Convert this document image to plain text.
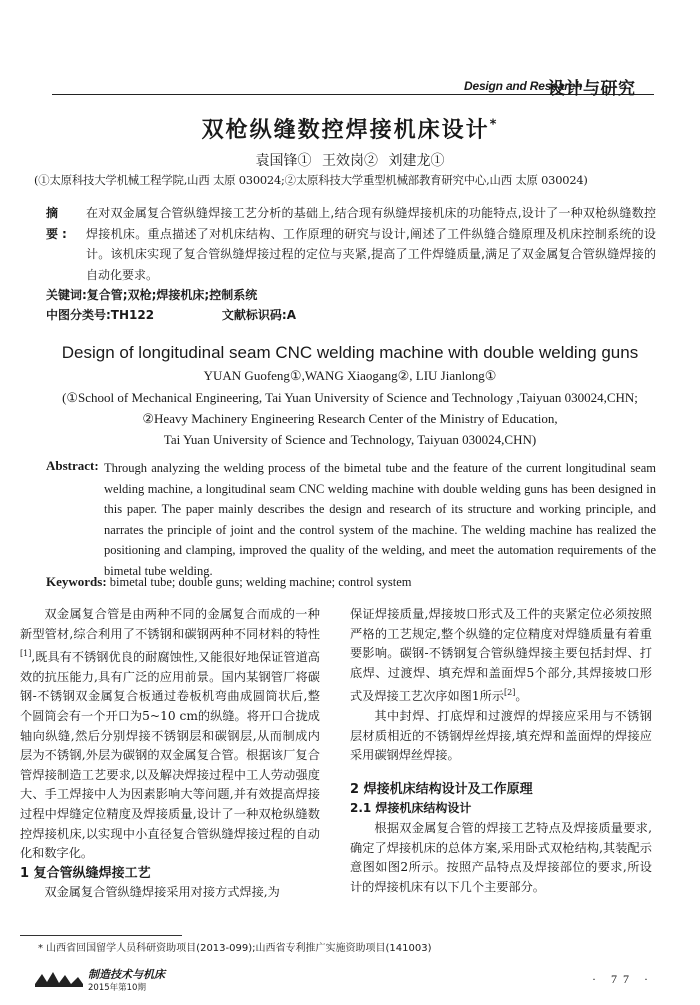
Design and Research
设计与研究
双枪纵缝数控焊接机床设计*
袁国锋① 王效岗② 刘建龙①
(①太原科技大学机械工程学院,山西 太原 030024;②太原科技大学重型机械部教育研究中心,山西 太原 030024)
摘 要:
在对双金属复合管纵缝焊接工艺分析的基础上,结合现有纵缝焊接机床的功能特点,设计了一种双枪纵缝数控焊接机床。重点描述了对机床结构、工作原理的研究与设计,阐述了工件纵缝合缝原理及机床控制系统的设计。该机床实现了复合管纵缝焊接过程的定位与夹紧,提高了工件焊缝质量,满足了双金属复合管纵缝焊接的自动化要求。
关键词:复合管;双枪;焊接机床;控制系统
中图分类号:TH122	文献标识码:A
Design of longitudinal seam CNC welding machine with double welding guns
YUAN Guofeng①,WANG Xiaogang②, LIU Jianlong①
(①School of Mechanical Engineering, Tai Yuan University of Science and Technology ,Taiyuan 030024,CHN;
②Heavy Machinery Engineering Research Center of the Ministry of Education,
Tai Yuan University of Science and Technology, Taiyuan 030024,CHN)
Abstract: Through analyzing the welding process of the bimetal tube and the feature of the current longitudinal seam welding machine, a longitudinal seam CNC welding machine with double welding guns has been designed in this paper. The paper mainly describes the design and research of its structure and working principle, and narrates the principle of joint and the control system of the machine. The welding machine has realized the positioning and clamping, improved the quality of the welding, and meet the automation requirements of the bimetal tube welding.
Keywords: bimetal tube; double guns; welding machine; control system

双金属复合管是由两种不同的金属复合而成的一种新型管材,综合利用了不锈钢和碳钢两种不同材料的特性[1],既具有不锈钢优良的耐腐蚀性,又能很好地保证管道高效的抗压能力,具有广泛的应用前景。国内某钢管厂将碳钢-不锈钢双金属复合板通过卷板机弯曲成圆筒状后,整个圆筒会有一个开口为5~10 cm的纵缝。将开口合拢成轴向纵缝,然后分别焊接不锈钢层和碳钢层,从而制成内层为不锈钢,外层为碳钢的双金属复合管。根据该厂复合管焊接制造工艺要求,以及解决焊接过程中工人劳动强度大、手工焊接中人为因素影响大等问题,并有效提高焊接过程中焊缝定位精度及焊接质量,设计了一种双枪纵缝数控焊接机床,以实现中小直径复合管纵缝焊接过程的自动化和数字化。

1 复合管纵缝焊接工艺

双金属复合管纵缝焊接采用对接方式焊接,为

保证焊接质量,焊接坡口形式及工件的夹紧定位必须按照严格的工艺规定,整个纵缝的定位精度对焊缝质量有着重要影响。碳钢-不锈钢复合管纵缝焊接主要包括封焊、打底焊、过渡焊、填充焊和盖面焊5个部分,其焊接坡口形式及焊接工艺次序如图1所示[2]。

其中封焊、打底焊和过渡焊的焊接应采用与不锈钢层材质相近的不锈钢焊丝焊接,填充焊和盖面焊的焊接应采用碳钢焊丝焊接。

2 焊接机床结构设计及工作原理

2.1 焊接机床结构设计

根据双金属复合管的焊接工艺特点及焊接质量要求,确定了焊接机床的总体方案,采用卧式双枪结构,其装配示意图如图2所示。按照产品特点及焊接部位的要求,所设计的焊接机床有以下几个主要部分。

* 山西省回国留学人员科研资助项目(2013-099);山西省专利推广实施资助项目(141003)
制造技术与机床
2015年第10期
· 77 ·
